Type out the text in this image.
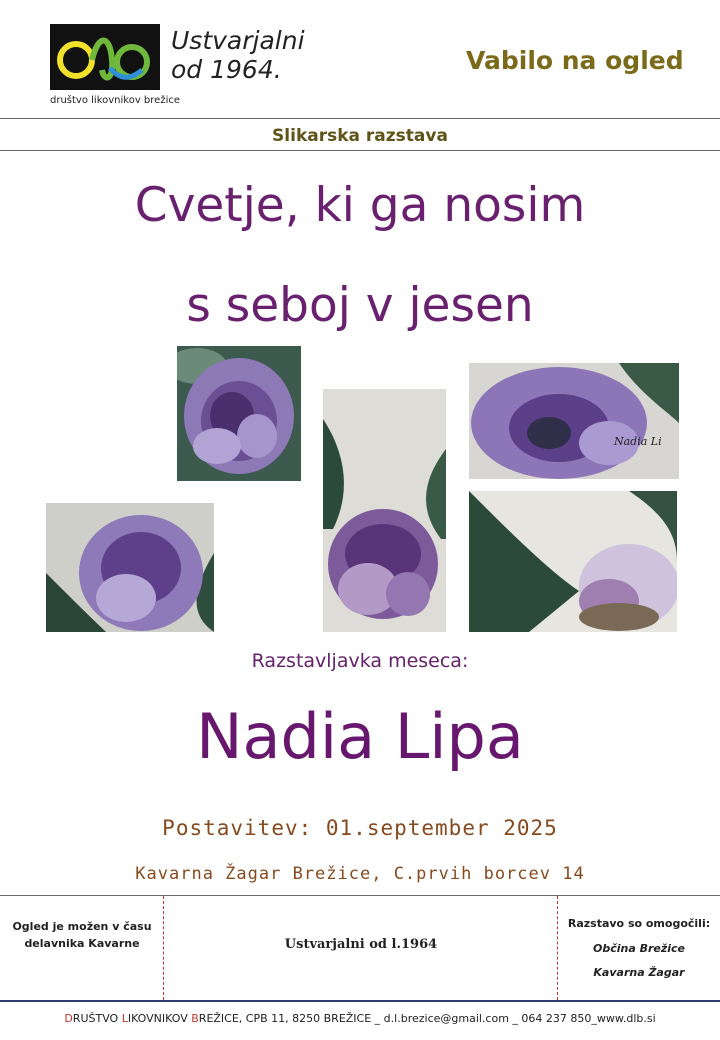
društvo likovnikov brežice
Ustvarjalni
od 1964.	Vabilo na ogled
Slikarska razstava
Cvetje, ki ga nosim
s seboj v jesen
Nadia Li
Razstavljavka meseca:
Nadia Lipa
Postavitev: 01.september 2025
Kavarna Žagar Brežice, C.prvih borcev 14
Ogled je možen v času
delavnika Kavarne	Ustvarjalni od l.1964
Razstavo so omogočili:
Občina Brežice
Kavarna Žagar
DRUŠTVO LIKOVNIKOV BREŽICE, CPB 11, 8250 BREŽICE _ d.l.brezice@gmail.com _ 064 237 850_www.dlb.si
